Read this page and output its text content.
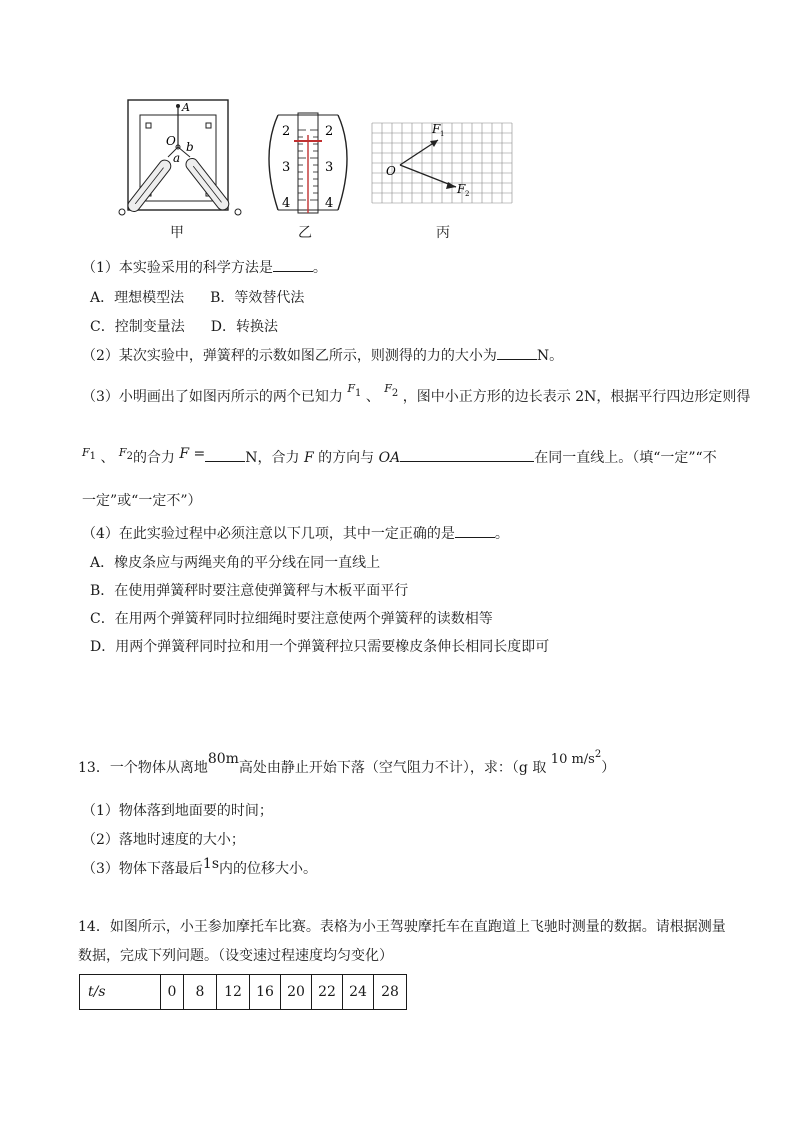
A
O
a
b
2
3
4
2
3
4
O
F 1
F 2
甲	乙	丙
（1）本实验采用的科学方法是	。
A．理想模型法 B．等效替代法
C．控制变量法 D．转换法
（2）某次实验中，弹簧秤的示数如图乙所示，则测得的力的大小为	N。
（3）小明画出了如图丙所示的两个已知力 $^{F1}$ 、 $^{F2}$ ，图中小正方形的边长表示 2N，根据平行四边形定则得
$^{F1}$ 、 $^{F2}$的合力 F =	N，合力 F 的方向与 OA	在同一直线上。（填“一定”“不
一定”或“一定不”）
（4）在此实验过程中必须注意以下几项，其中一定正确的是	。
A．橡皮条应与两绳夹角的平分线在同一直线上
B．在使用弹簧秤时要注意使弹簧秤与木板平面平行
C．在用两个弹簧秤同时拉细绳时要注意使两个弹簧秤的读数相等
D．用两个弹簧秤同时拉和用一个弹簧秤拉只需要橡皮条伸长相同长度即可
13．一个物体从离地80m高处由静止开始下落（空气阻力不计），求：（g 取 10 $m/s^2$）
（1）物体落到地面要的时间；
（2）落地时速度的大小；
（3）物体下落最后1s内的位移大小。
14．如图所示，小王参加摩托车比赛。表格为小王驾驶摩托车在直跑道上飞驰时测量的数据。请根据测量
数据，完成下列问题。（设变速过程速度均匀变化）
t/s	0	8	12	16	20	22	24	28
